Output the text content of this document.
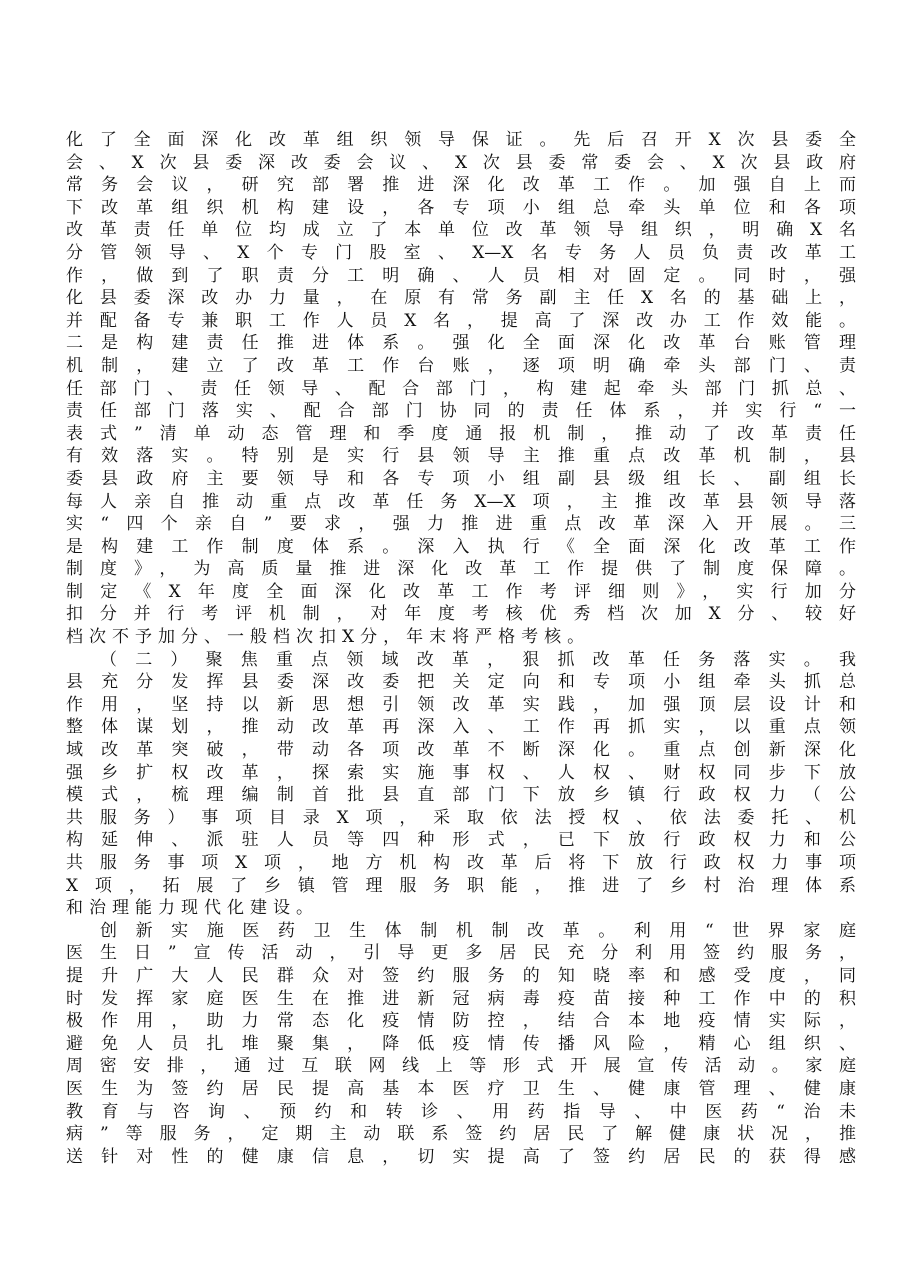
化了全面深化改革组织领导保证。先后召开X次县委全
会、X次县委深改委会议、X次县委常委会、X次县政府
常务会议，研究部署推进深化改革工作。加强自上而
下改革组织机构建设，各专项小组总牵头单位和各项
改革责任单位均成立了本单位改革领导组织，明确X名
分管领导、X个专门股室、X—X名专务人员负责改革工
作，做到了职责分工明确、人员相对固定。同时，强
化县委深改办力量，在原有常务副主任X名的基础上，
并配备专兼职工作人员X名，提高了深改办工作效能。
二是构建责任推进体系。强化全面深化改革台账管理
机制，建立了改革工作台账，逐项明确牵头部门、责
任部门、责任领导、配合部门，构建起牵头部门抓总、
责任部门落实、配合部门协同的责任体系，并实行“一
表式”清单动态管理和季度通报机制，推动了改革责任
有效落实。特别是实行县领导主推重点改革机制，县
委县政府主要领导和各专项小组副县级组长、副组长
每人亲自推动重点改革任务X—X项，主推改革县领导落
实“四个亲自”要求，强力推进重点改革深入开展。三
是构建工作制度体系。深入执行《全面深化改革工作
制度》，为高质量推进深化改革工作提供了制度保障。
制定《X年度全面深化改革工作考评细则》，实行加分
扣分并行考评机制，对年度考核优秀档次加X分、较好
档次不予加分、一般档次扣X分，年末将严格考核。
（二）聚焦重点领域改革，狠抓改革任务落实。我
县充分发挥县委深改委把关定向和专项小组牵头抓总
作用，坚持以新思想引领改革实践，加强顶层设计和
整体谋划，推动改革再深入、工作再抓实，以重点领
域改革突破，带动各项改革不断深化。重点创新深化
强乡扩权改革，探索实施事权、人权、财权同步下放
模式，梳理编制首批县直部门下放乡镇行政权力（公
共服务）事项目录X项，采取依法授权、依法委托、机
构延伸、派驻人员等四种形式，已下放行政权力和公
共服务事项X项，地方机构改革后将下放行政权力事项
X项，拓展了乡镇管理服务职能，推进了乡村治理体系
和治理能力现代化建设。
创新实施医药卫生体制机制改革。利用“世界家庭
医生日”宣传活动，引导更多居民充分利用签约服务，
提升广大人民群众对签约服务的知晓率和感受度，同
时发挥家庭医生在推进新冠病毒疫苗接种工作中的积
极作用，助力常态化疫情防控，结合本地疫情实际，
避免人员扎堆聚集，降低疫情传播风险，精心组织、
周密安排，通过互联网线上等形式开展宣传活动。家庭
医生为签约居民提高基本医疗卫生、健康管理、健康
教育与咨询、预约和转诊、用药指导、中医药“治未
病”等服务，定期主动联系签约居民了解健康状况，推
送针对性的健康信息，切实提高了签约居民的获得感
